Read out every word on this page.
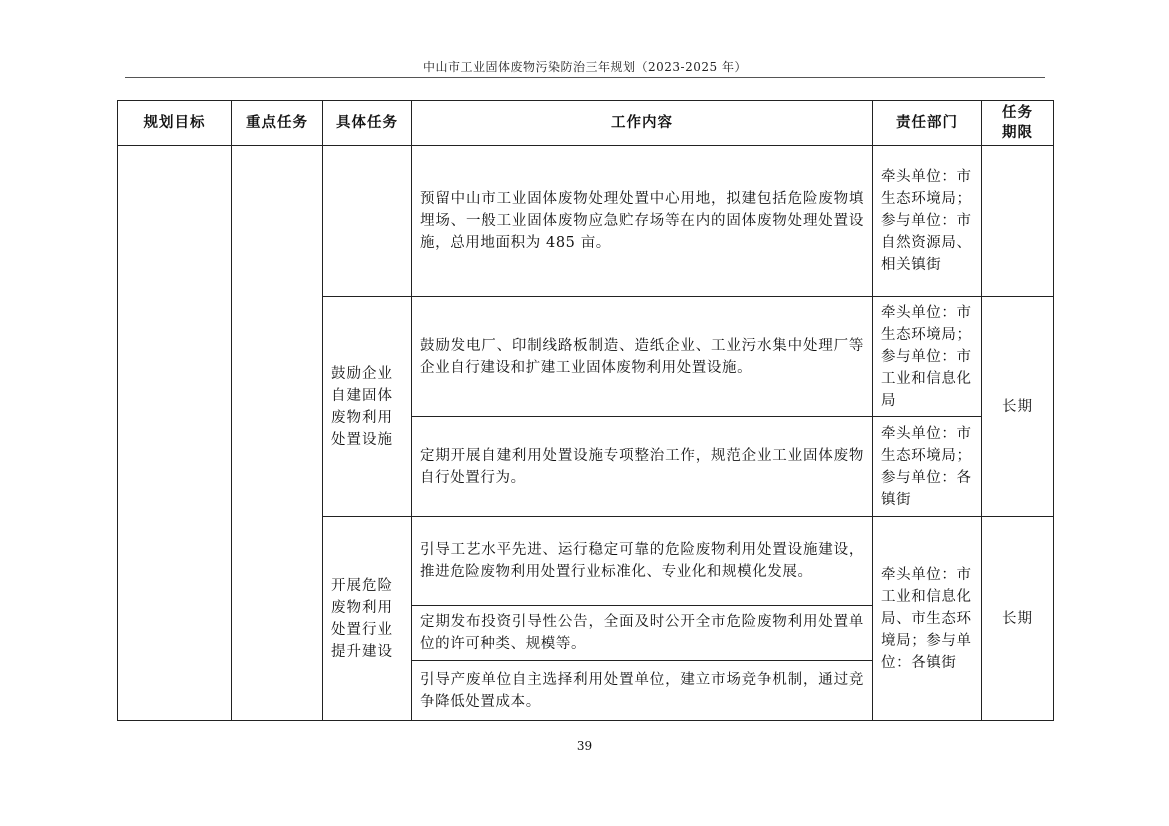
中山市工业固体废物污染防治三年规划（2023-2025 年）
规划目标	重点任务	具体任务	工作内容	责任部门	任务期限
			预留中山市工业固体废物处理处置中心用地，拟建包括危险废物填埋场、一般工业固体废物应急贮存场等在内的固体废物处理处置设施，总用地面积为 485 亩。	牵头单位：市生态环境局；参与单位：市自然资源局、相关镇街	
		鼓励企业自建固体废物利用处置设施	鼓励发电厂、印制线路板制造、造纸企业、工业污水集中处理厂等企业自行建设和扩建工业固体废物利用处置设施。	牵头单位：市生态环境局；参与单位：市工业和信息化局	长期
			定期开展自建利用处置设施专项整治工作，规范企业工业固体废物自行处置行为。	牵头单位：市生态环境局；参与单位：各镇街	
		开展危险废物利用处置行业提升建设	引导工艺水平先进、运行稳定可靠的危险废物利用处置设施建设，推进危险废物利用处置行业标准化、专业化和规模化发展。	牵头单位：市工业和信息化局、市生态环境局；参与单位：各镇街	长期
			定期发布投资引导性公告，全面及时公开全市危险废物利用处置单位的许可种类、规模等。		
			引导产废单位自主选择利用处置单位，建立市场竞争机制，通过竞争降低处置成本。		
39
